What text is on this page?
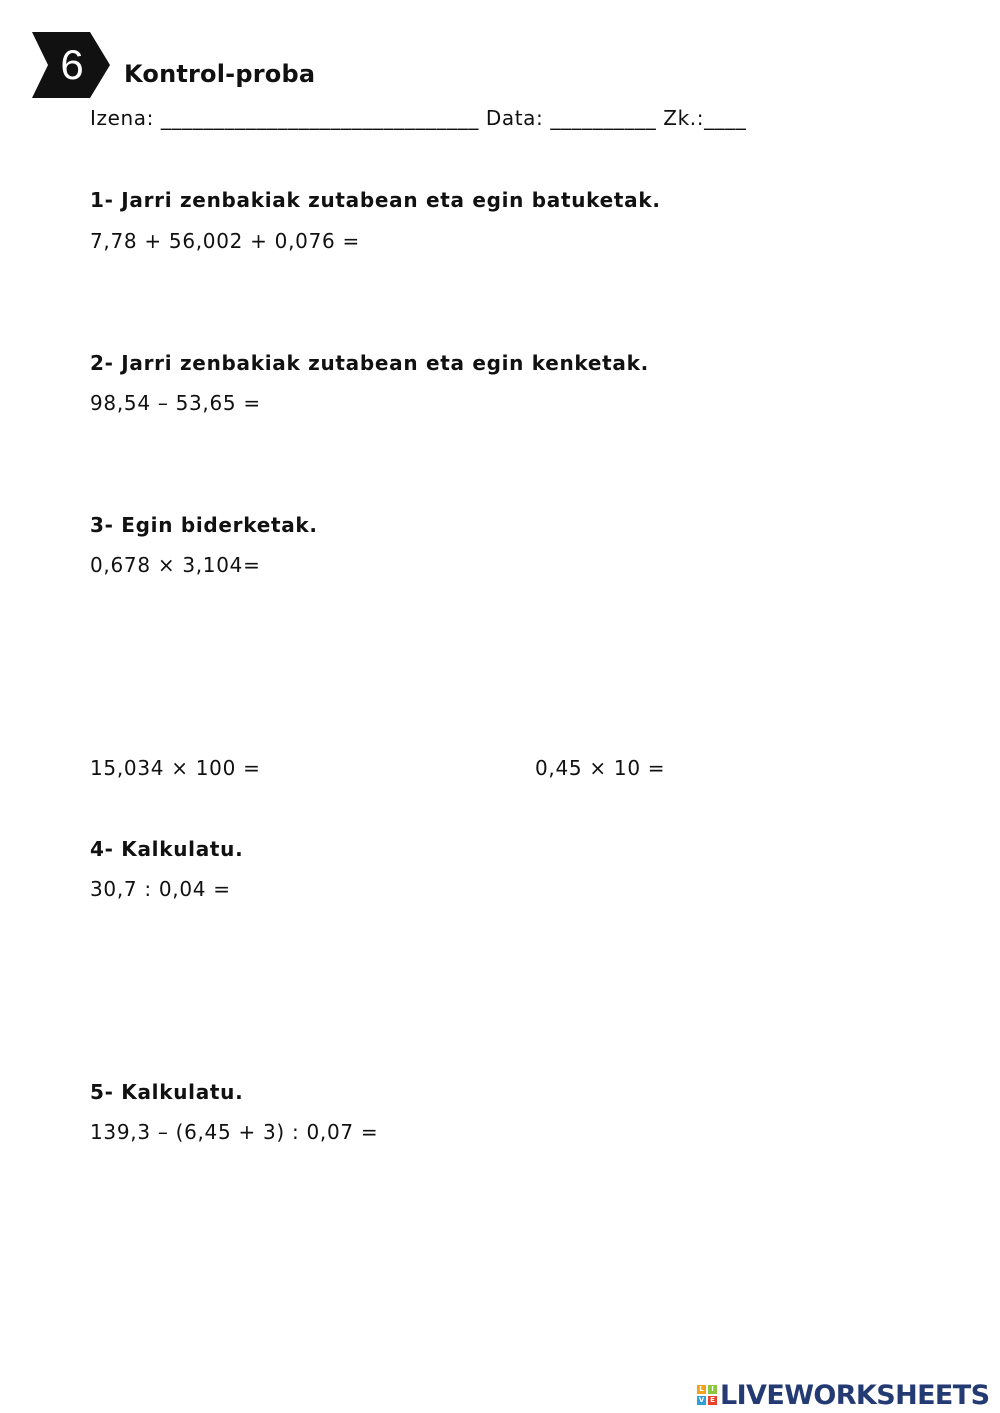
6	Kontrol-proba
Izena: ______________________________ Data: __________ Zk.:____
1- Jarri zenbakiak zutabean eta egin batuketak.
7,78 + 56,002 + 0,076 =
2- Jarri zenbakiak zutabean eta egin kenketak.
98,54 – 53,65 =
3- Egin biderketak.
0,678 × 3,104=
15,034 × 100 =	0,45 × 10 =
4- Kalkulatu.
30,7 : 0,04 =
5- Kalkulatu.
139,3 – (6,45 + 3) : 0,07 =
L	I
V E LIVEWORKSHEETS
